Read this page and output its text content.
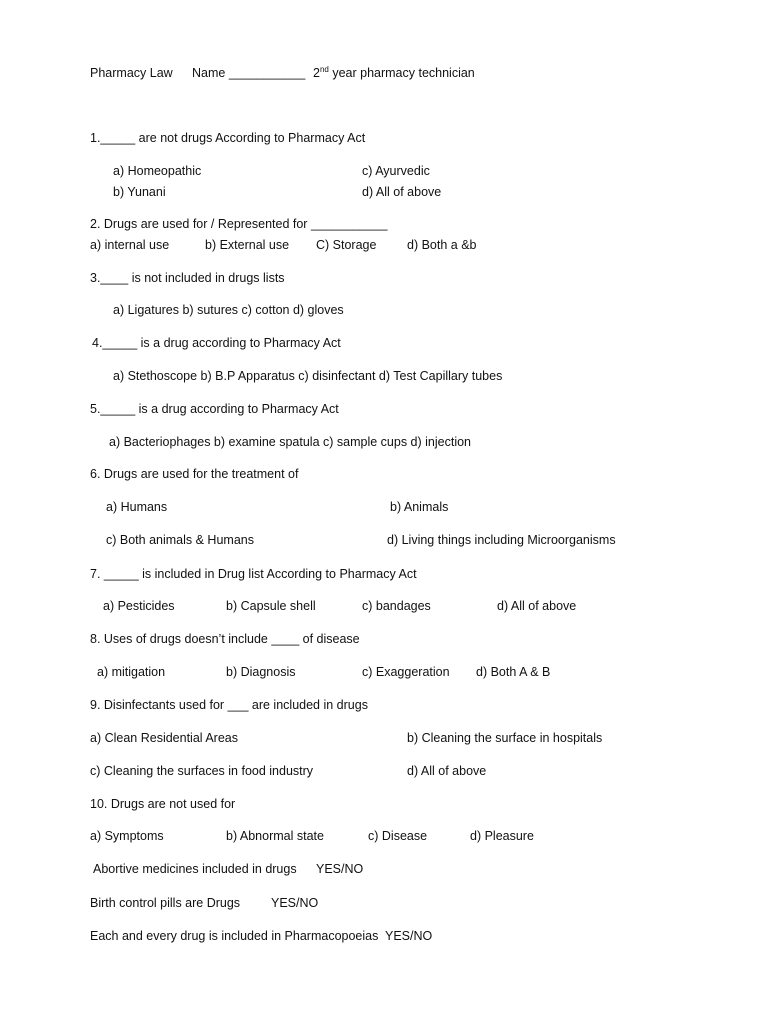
Pharmacy Law Name ___________ 2nd year pharmacy technician
1._____ are not drugs According to Pharmacy Act
a) Homeopathic	c) Ayurvedic
b) Yunani	d) All of above
2. Drugs are used for / Represented for ___________
a) internal use	b) External use C) Storage d) Both a &b
3.____ is not included in drugs lists
a) Ligatures b) sutures c) cotton d) gloves
4._____ is a drug according to Pharmacy Act
a) Stethoscope b) B.P Apparatus c) disinfectant d) Test Capillary tubes
5._____ is a drug according to Pharmacy Act
a) Bacteriophages b) examine spatula c) sample cups d) injection
6. Drugs are used for the treatment of
a) Humans	b) Animals
c) Both animals & Humans	d) Living things including Microorganisms
7. _____ is included in Drug list According to Pharmacy Act
a) Pesticides	b) Capsule shell	c) bandages	d) All of above
8. Uses of drugs doesn’t include ____ of disease
a) mitigation	b) Diagnosis	c) Exaggeration d) Both A & B
9. Disinfectants used for ___ are included in drugs
a) Clean Residential Areas	b) Cleaning the surface in hospitals
c) Cleaning the surfaces in food industry	d) All of above
10. Drugs are not used for
a) Symptoms	b) Abnormal state	c) Disease	d) Pleasure
Abortive medicines included in drugs YES/NO
Birth control pills are Drugs YES/NO
Each and every drug is included in Pharmacopoeias YES/NO
